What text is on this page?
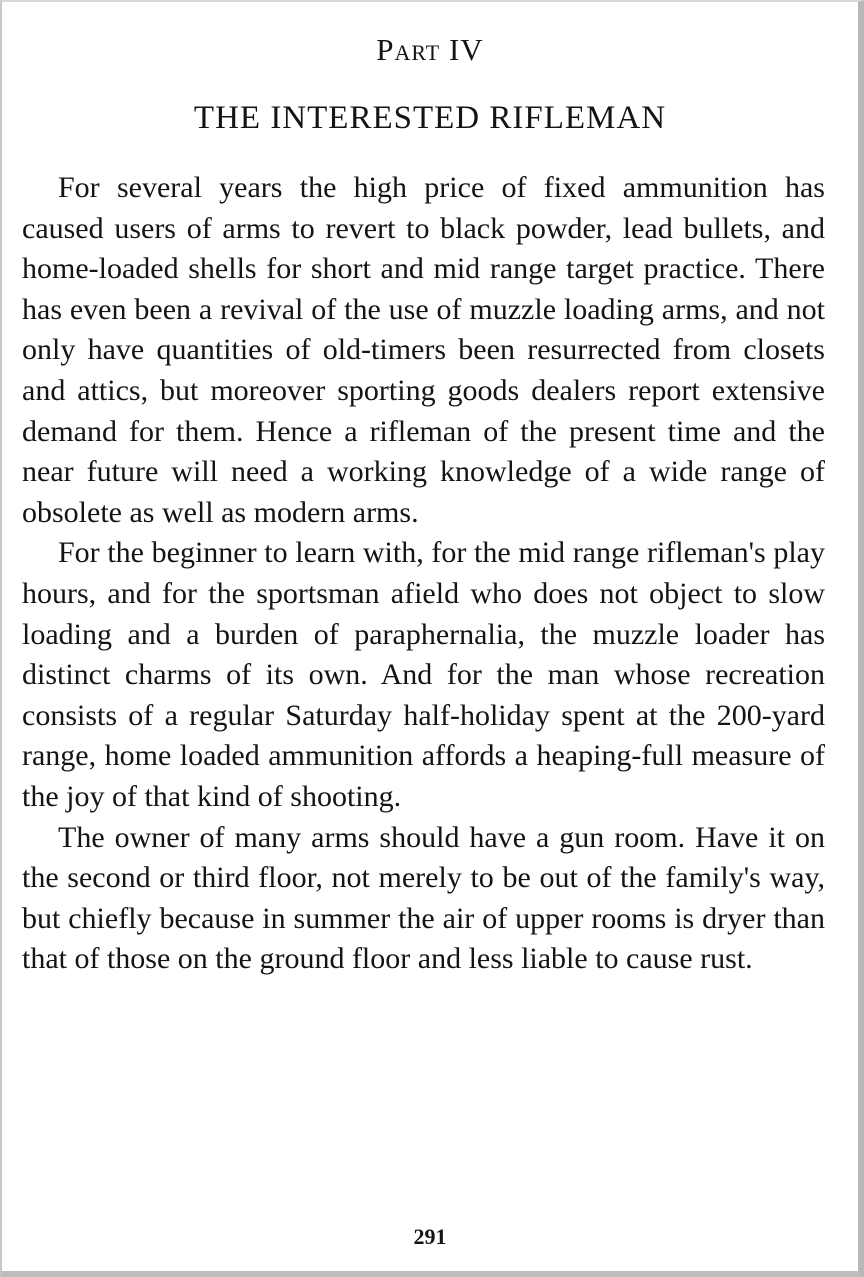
Part IV
THE INTERESTED RIFLEMAN

For several years the high price of fixed ammunition has caused users of arms to revert to black powder, lead bullets, and home-loaded shells for short and mid range target practice. There has even been a revival of the use of muzzle loading arms, and not only have quantities of old-timers been resurrected from closets and attics, but moreover sporting goods dealers report extensive demand for them. Hence a rifleman of the present time and the near future will need a working knowledge of a wide range of obsolete as well as modern arms.

For the beginner to learn with, for the mid range rifleman's play hours, and for the sportsman afield who does not object to slow loading and a burden of paraphernalia, the muzzle loader has distinct charms of its own. And for the man whose recreation consists of a regular Saturday half-holiday spent at the 200-yard range, home loaded ammunition affords a heaping-full measure of the joy of that kind of shooting.

The owner of many arms should have a gun room. Have it on the second or third floor, not merely to be out of the family's way, but chiefly because in summer the air of upper rooms is dryer than that of those on the ground floor and less liable to cause rust.

291
